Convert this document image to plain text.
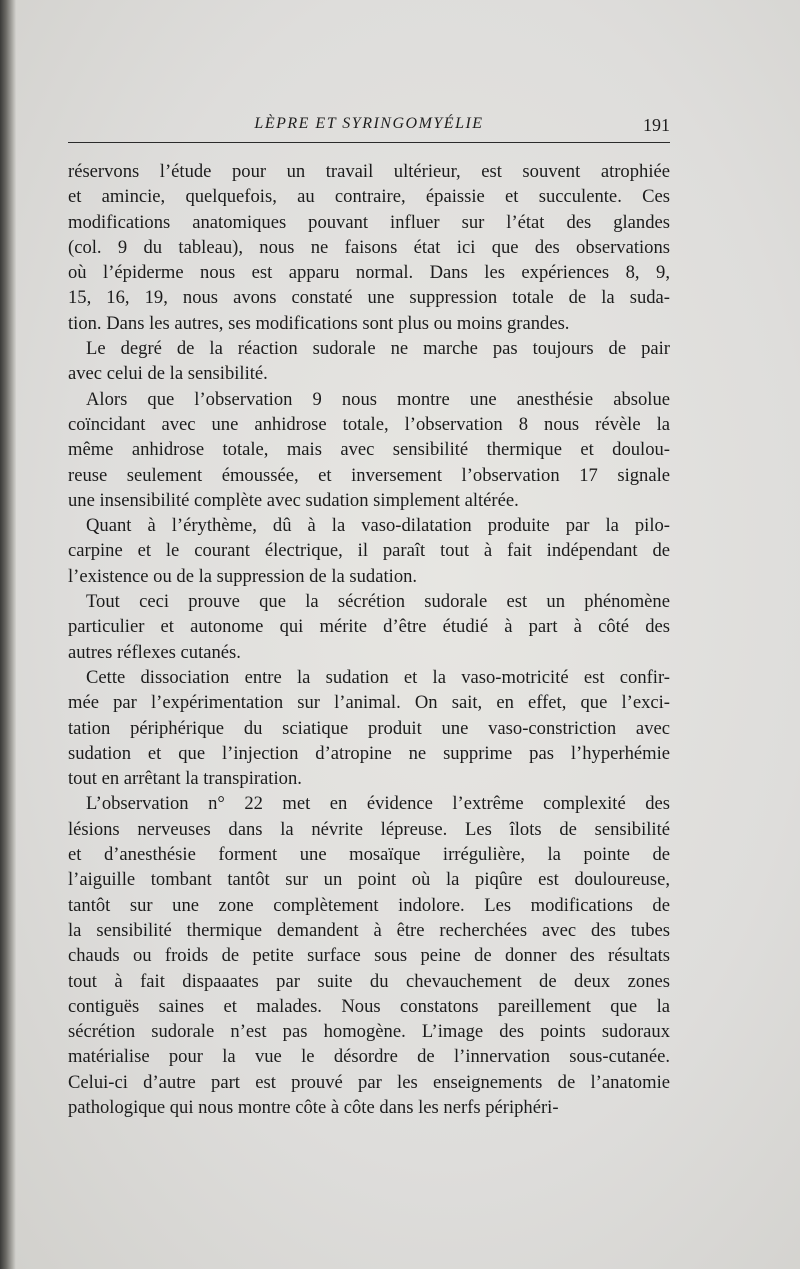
LÈPRE ET SYRINGOMYÉLIE	191
réservons l’étude pour un travail ultérieur, est souvent atrophiée
et amincie, quelquefois, au contraire, épaissie et succulente. Ces
modifications anatomiques pouvant influer sur l’état des glandes
(col. 9 du tableau), nous ne faisons état ici que des observations
où l’épiderme nous est apparu normal. Dans les expériences 8, 9,
15, 16, 19, nous avons constaté une suppression totale de la suda-
tion. Dans les autres, ses modifications sont plus ou moins grandes.
Le degré de la réaction sudorale ne marche pas toujours de pair
avec celui de la sensibilité.
Alors que l’observation 9 nous montre une anesthésie absolue
coïncidant avec une anhidrose totale, l’observation 8 nous révèle la
même anhidrose totale, mais avec sensibilité thermique et doulou-
reuse seulement émoussée, et inversement l’observation 17 signale
une insensibilité complète avec sudation simplement altérée.
Quant à l’érythème, dû à la vaso-dilatation produite par la pilo-
carpine et le courant électrique, il paraît tout à fait indépendant de
l’existence ou de la suppression de la sudation.
Tout ceci prouve que la sécrétion sudorale est un phénomène
particulier et autonome qui mérite d’être étudié à part à côté des
autres réflexes cutanés.
Cette dissociation entre la sudation et la vaso-motricité est confir-
mée par l’expérimentation sur l’animal. On sait, en effet, que l’exci-
tation périphérique du sciatique produit une vaso-constriction avec
sudation et que l’injection d’atropine ne supprime pas l’hyperhémie
tout en arrêtant la transpiration.
L’observation n° 22 met en évidence l’extrême complexité des
lésions nerveuses dans la névrite lépreuse. Les îlots de sensibilité
et d’anesthésie forment une mosaïque irrégulière, la pointe de
l’aiguille tombant tantôt sur un point où la piqûre est douloureuse,
tantôt sur une zone complètement indolore. Les modifications de
la sensibilité thermique demandent à être recherchées avec des tubes
chauds ou froids de petite surface sous peine de donner des résultats
tout à fait dispaaates par suite du chevauchement de deux zones
contiguës saines et malades. Nous constatons pareillement que la
sécrétion sudorale n’est pas homogène. L’image des points sudoraux
matérialise pour la vue le désordre de l’innervation sous-cutanée.
Celui-ci d’autre part est prouvé par les enseignements de l’anatomie
pathologique qui nous montre côte à côte dans les nerfs périphéri-
